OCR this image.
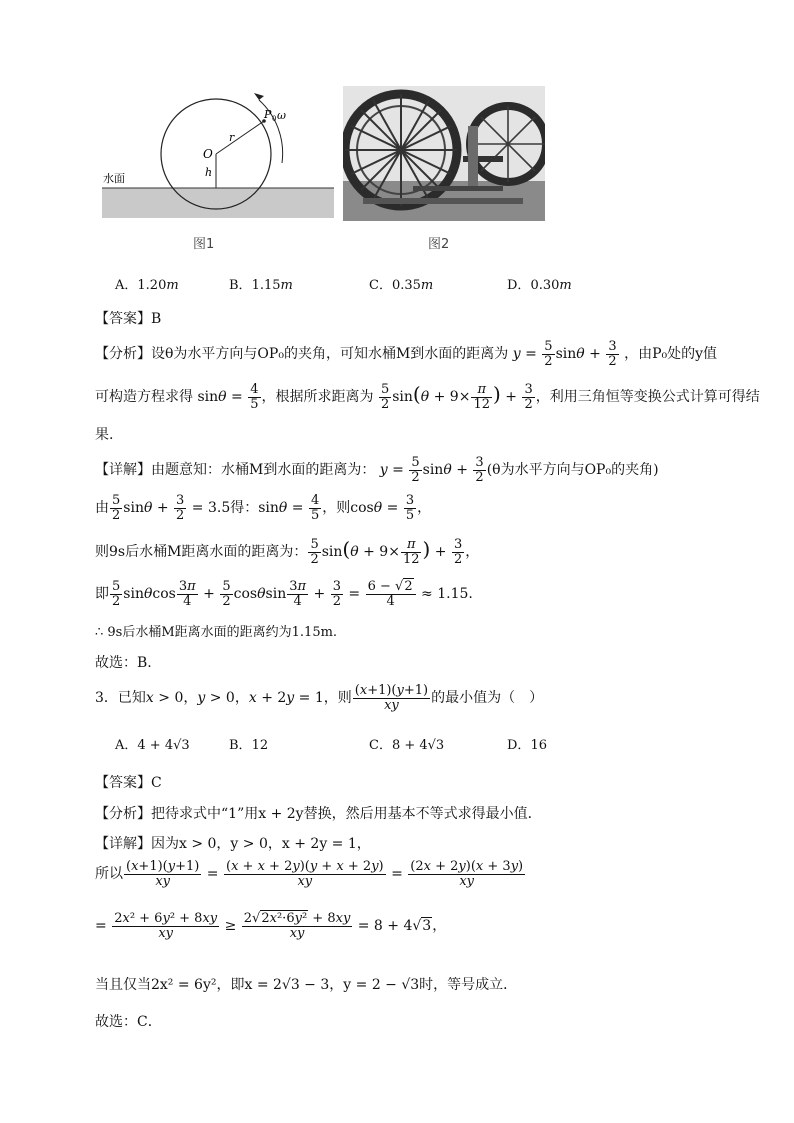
O
r
h
P 0 ω
水面
图1	图2
A．1.20m	B．1.15m	C．0.35m	D．0.30m
【答案】B
【分析】设θ为水平方向与OP₀的夹角，可知水桶M到水面的距离为 $y = \frac{5}{2}$ $\sin\theta + \frac{3}{2}$ ，由P₀处的y值
可构造方程求得 $\sin\theta = \frac{4}{5}$ ，根据所求距离为 $\frac{5}{2} \sin(\theta + 9\times \frac{\pi}{12}$ ) + $\frac{3}{2}$ ，利用三角恒等变换公式计算可得结
果.
【详解】由题意知：水桶M到水面的距离为： $y = \frac{5}{2}$ $\sin\theta + \frac{3}{2} (\theta$为水平方向与OP₀的夹角)
由 $\frac{5}{2}$ $\sin\theta + \frac{3}{2} = 3.5$得：$\sin\theta = \frac{4}{5}$ ，则$\cos\theta = \frac{3}{5}$ ，
则9s后水桶M距离水面的距离为： $\frac{5}{2} \sin(\theta + 9\times \frac{\pi}{12}$ ) + $\frac{3}{2}$ ，
即 $\frac{5}{2}$ sinθcos $\frac{3\pi}{4} + \frac{5}{2}$ cosθsin $\frac{3\pi}{4} + \frac{3}{2} = \frac{6 - √2}{4} \approx 1.15$.
∴ 9s后水桶M距离水面的距离约为1.15m.
故选：B.
3．已知x > 0，y > 0，x + 2y = 1，则 $\frac{(x+1)(y+1)}{xy}$ 的最小值为（　）
A．4 + 4√3	B．12	C．8 + 4√3	D．16
【答案】C
【分析】把待求式中“1”用x + 2y替换，然后用基本不等式求得最小值．
【详解】因为x > 0，y > 0，x + 2y = 1，
所以 $\frac{(x+1)(y+1)}{xy} = \frac{(x + x + 2y)(y + x + 2y)}{xy} = \frac{(2x + 2y)(x + 3y)}{xy}$
= $\frac{\text{2x² + 6y² + 8xy}}{xy} \ge \frac{\text{2√2x²·6y² + 8xy}}{xy} = 8 + 4√3$，
当且仅当2x² = 6y²，即x = 2√3 − 3，y = 2 − √3时，等号成立．
故选：C．
